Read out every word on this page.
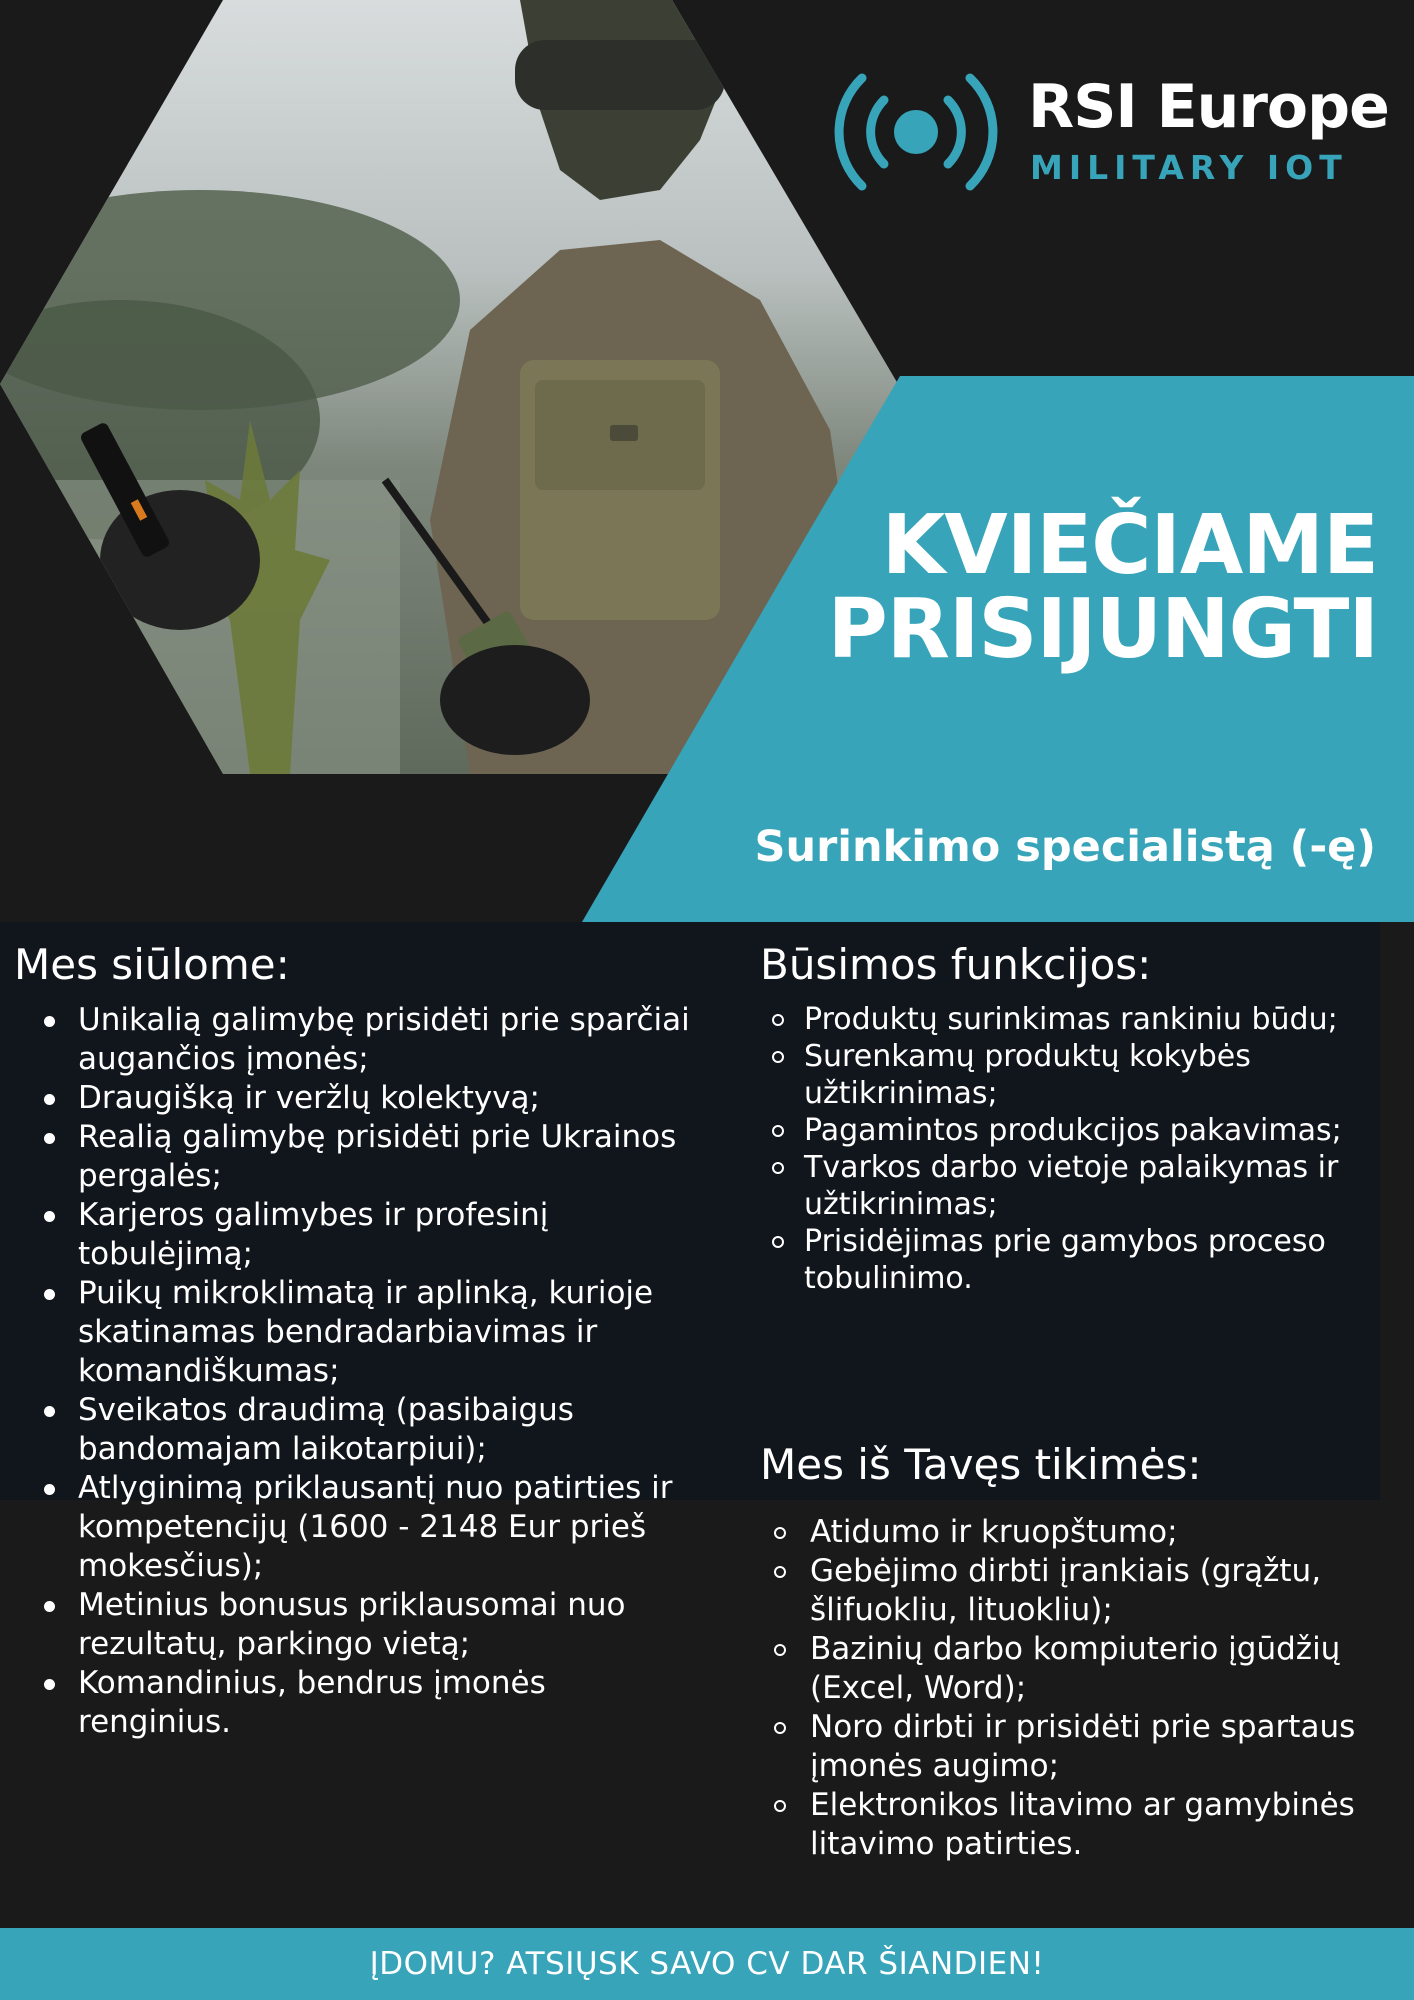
RSI Europe
MILITARY IOT
KVIEČIAME
PRISIJUNGTI
Surinkimo specialistą (-ę)
Mes siūlome:
Unikalią galimybę prisidėti prie sparčiai augančios įmonės;
Draugišką ir veržlų kolektyvą;
Realią galimybę prisidėti prie Ukrainos pergalės;
Karjeros galimybes ir profesinį tobulėjimą;
Puikų mikroklimatą ir aplinką, kurioje skatinamas bendradarbiavimas ir komandiškumas;
Sveikatos draudimą (pasibaigus bandomajam laikotarpiui);
Atlyginimą priklausantį nuo patirties ir kompetencijų (1600 - 2148 Eur prieš mokesčius);
Metinius bonusus priklausomai nuo rezultatų, parkingo vietą;
Komandinius, bendrus įmonės renginius.
Būsimos funkcijos:
Produktų surinkimas rankiniu būdu;
Surenkamų produktų kokybės užtikrinimas;
Pagamintos produkcijos pakavimas;
Tvarkos darbo vietoje palaikymas ir užtikrinimas;
Prisidėjimas prie gamybos proceso tobulinimo.
Mes iš Tavęs tikimės:
Atidumo ir kruopštumo;
Gebėjimo dirbti įrankiais (grąžtu, šlifuokliu, lituokliu);
Bazinių darbo kompiuterio įgūdžių (Excel, Word);
Noro dirbti ir prisidėti prie spartaus įmonės augimo;
Elektronikos litavimo ar gamybinės litavimo patirties.
ĮDOMU? ATSIŲSK SAVO CV DAR ŠIANDIEN!
